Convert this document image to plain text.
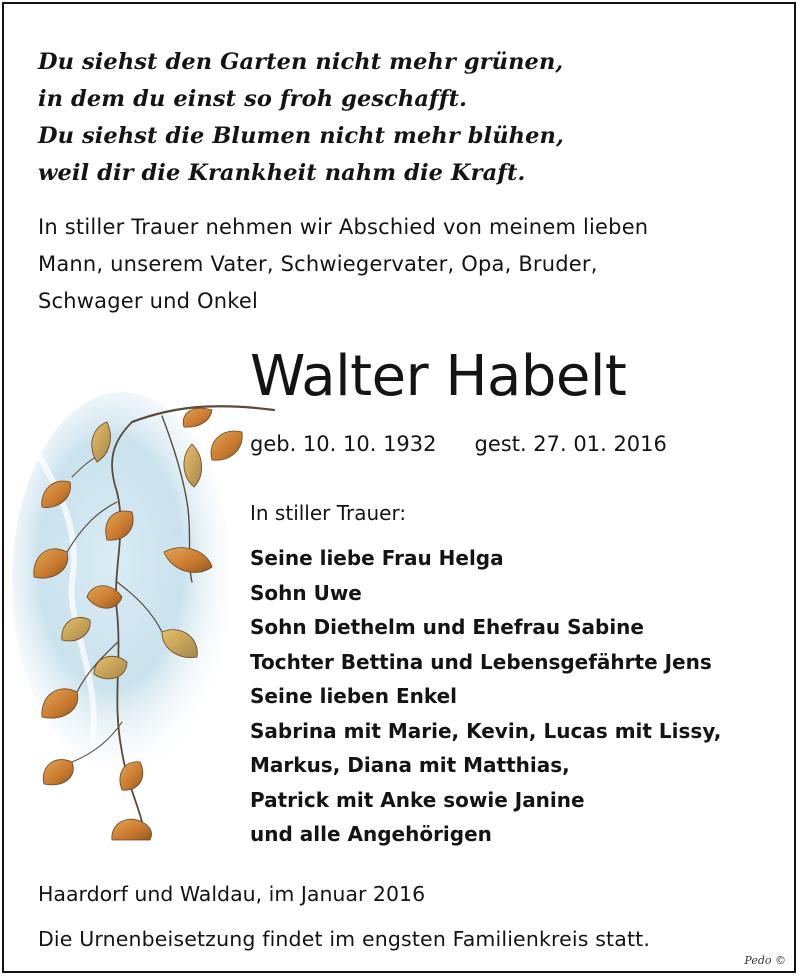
Du siehst den Garten nicht mehr grünen,
in dem du einst so froh geschafft.
Du siehst die Blumen nicht mehr blühen,
weil dir die Krankheit nahm die Kraft.
In stiller Trauer nehmen wir Abschied von meinem lieben
Mann, unserem Vater, Schwiegervater, Opa, Bruder,
Schwager und Onkel
Walter Habelt
geb. 10. 10. 1932 gest. 27. 01. 2016
In stiller Trauer:
Seine liebe Frau Helga
Sohn Uwe
Sohn Diethelm und Ehefrau Sabine
Tochter Bettina und Lebensgefährte Jens
Seine lieben Enkel
Sabrina mit Marie, Kevin, Lucas mit Lissy,
Markus, Diana mit Matthias,
Patrick mit Anke sowie Janine
und alle Angehörigen
Haardorf und Waldau, im Januar 2016
Die Urnenbeisetzung findet im engsten Familienkreis statt.
Pedo ©
